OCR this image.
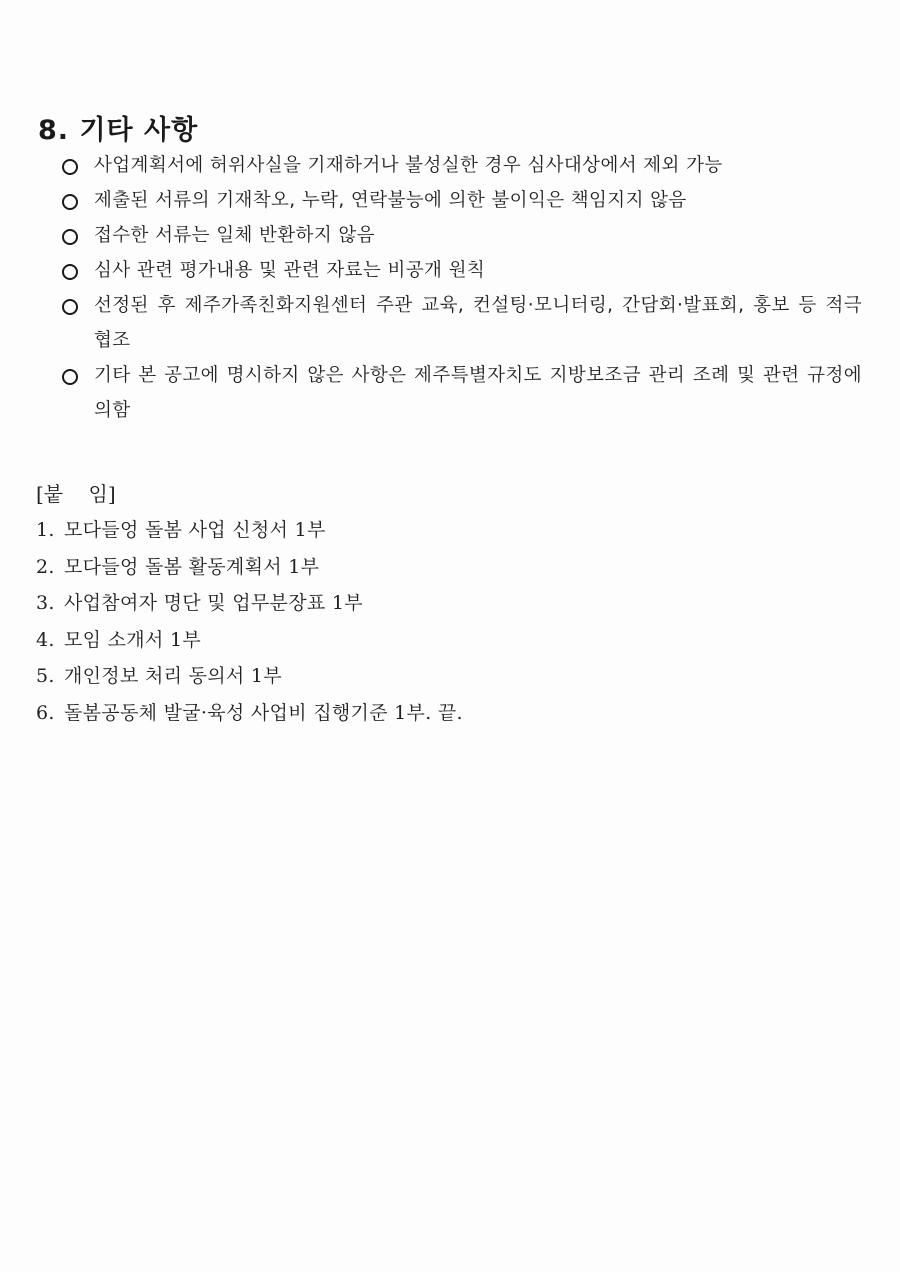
8. 기타 사항
사업계획서에 허위사실을 기재하거나 불성실한 경우 심사대상에서 제외 가능
제출된 서류의 기재착오, 누락, 연락불능에 의한 불이익은 책임지지 않음
접수한 서류는 일체 반환하지 않음
심사 관련 평가내용 및 관련 자료는 비공개 원칙
선정된 후 제주가족친화지원센터 주관 교육, 컨설팅·모니터링, 간담회·발표회, 홍보 등 적극 협조
기타 본 공고에 명시하지 않은 사항은 제주특별자치도 지방보조금 관리 조례 및 관련 규정에 의함
[붙    임]
1. 모다들엉 돌봄 사업 신청서 1부
2. 모다들엉 돌봄 활동계획서 1부
3. 사업참여자 명단 및 업무분장표 1부
4. 모임 소개서 1부
5. 개인정보 처리 동의서 1부
6. 돌봄공동체 발굴·육성 사업비 집행기준 1부. 끝.
